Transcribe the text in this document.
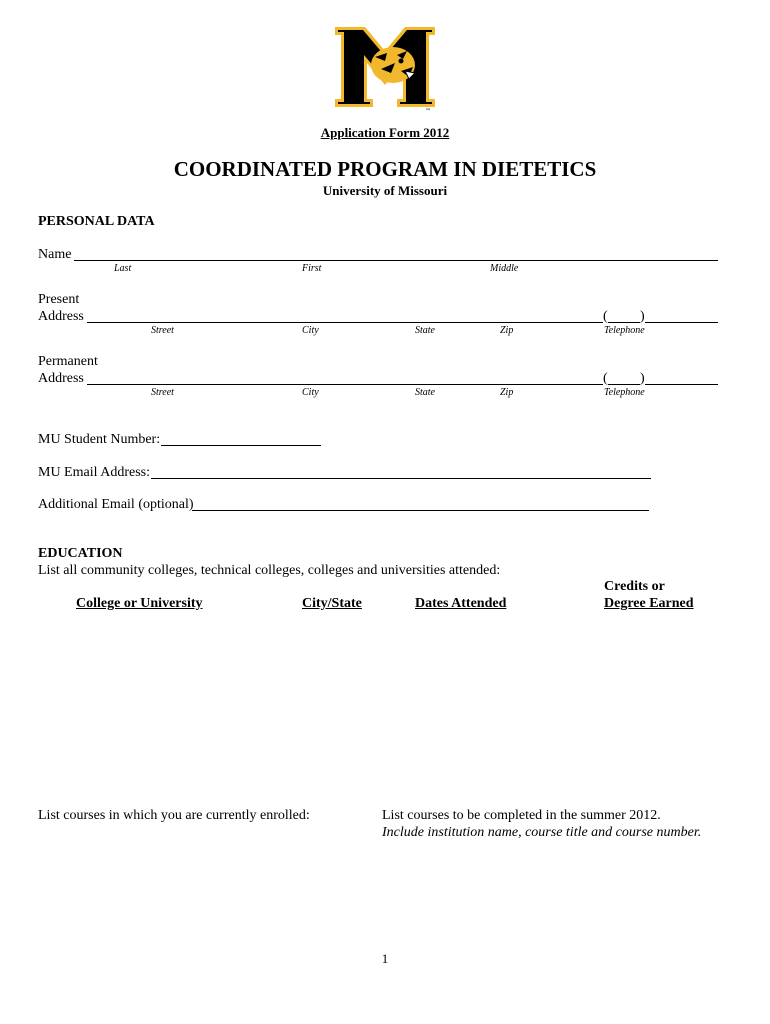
™
Application Form 2012
COORDINATED PROGRAM IN DIETETICS
University of Missouri
PERSONAL DATA
Name
Last	First	Middle
Present
Address	( )
Street	City	State	Zip	Telephone
Permanent
Address	( )
Street	City	State	Zip	Telephone
MU Student Number:
MU Email Address:
Additional Email (optional)
EDUCATION
List all community colleges, technical colleges, colleges and universities attended:
Credits or
College or University	City/State	Dates Attended	Degree Earned
List courses in which you are currently enrolled:	List courses to be completed in the summer 2012.
Include institution name, course title and course number.
1
